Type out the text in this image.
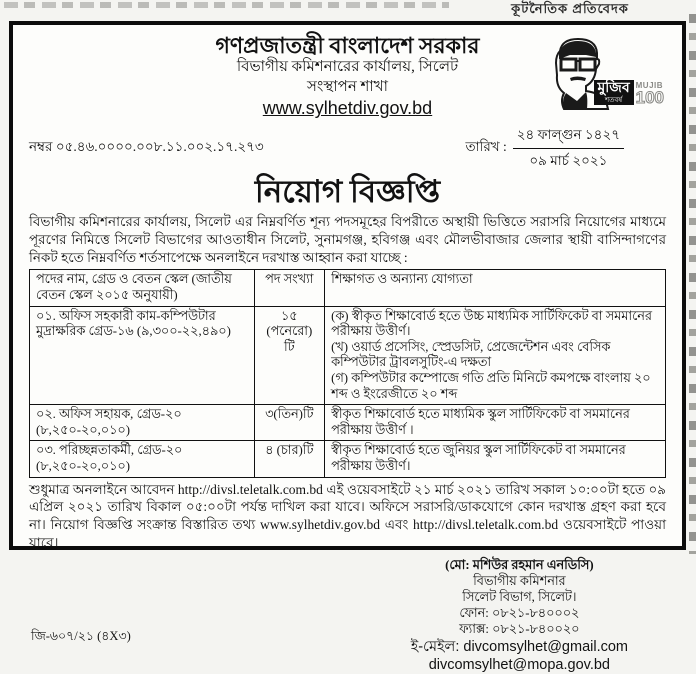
কূটনৈতিক প্রতিবেদক
গণপ্রজাতন্ত্রী বাংলাদেশ সরকার
বিভাগীয় কমিশনারের কার্যালয়, সিলেট
সংস্থাপন শাখা
www.sylhetdiv.gov.bd
মুজিব
শতবর্ষ
MUJIB
100
নম্বর ০৫.৪৬.০০০০.০০৮.১১.০০২.১৭.২৭৩	তারিখ :
২৪ ফাল্গুন ১৪২৭
০৯ মার্চ ২০২১
নিয়োগ বিজ্ঞপ্তি
বিভাগীয় কমিশনারের কার্যালয়, সিলেট এর নিম্নবর্ণিত শূন্য পদসমূহের বিপরীতে অস্থায়ী ভিত্তিতে সরাসরি নিয়োগের মাধ্যমে পূরণের নিমিত্তে সিলেট বিভাগের আওতাধীন সিলেট, সুনামগঞ্জ, হবিগঞ্জ এবং মৌলভীবাজার জেলার স্থায়ী বাসিন্দাগণের নিকট হতে নিম্নবর্ণিত শর্তসাপেক্ষে অনলাইনে দরখাস্ত আহ্বান করা যাচ্ছে :
পদের নাম, গ্রেড ও বেতন স্কেল (জাতীয় বেতন স্কেল ২০১৫ অনুযায়ী)	পদ সংখ্যা	শিক্ষাগত ও অন্যান্য যোগ্যতা
০১. অফিস সহকারী কাম-কম্পিউটার মুদ্রাক্ষরিক গ্রেড-১৬ (৯,৩০০-২২,৪৯০)	১৫ (পনেরো) টি	(ক) স্বীকৃত শিক্ষাবোর্ড হতে উচ্চ মাধ্যমিক সার্টিফিকেট বা সমমানের পরীক্ষায় উত্তীর্ণ।
(খ) ওয়ার্ড প্রসেসিং, স্প্রেডসিট, প্রেজেন্টেশন এবং বেসিক কম্পিউটার ট্রাবলসুটিং-এ দক্ষতা
(গ) কম্পিউটার কম্পোজে গতি প্রতি মিনিটে কমপক্ষে বাংলায় ২০ শব্দ ও ইংরেজীতে ২০ শব্দ

০২. অফিস সহায়ক, গ্রেড-২০ (৮,২৫০-২০,০১০)	৩(তিন)টি	স্বীকৃত শিক্ষাবোর্ড হতে মাধ্যমিক স্কুল সার্টিফিকেট বা সমমানের পরীক্ষায় উত্তীর্ণ ।

০৩. পরিচ্ছন্নতাকর্মী, গ্রেড-২০ (৮,২৫০-২০,০১০)	৪ (চার)টি	স্বীকৃত শিক্ষাবোর্ড হতে জুনিয়র স্কুল সার্টিফিকেট বা সমমানের পরীক্ষায় উত্তীর্ণ।
শুধুমাত্র অনলাইনে আবেদন http://divsl.teletalk.com.bd এই ওয়েবসাইটে ২১ মার্চ ২০২১ তারিখ সকাল ১০:০০টা হতে ০৯ এপ্রিল ২০২১ তারিখ বিকাল ০৫:০০টা পর্যন্ত দাখিল করা যাবে। অফিসে সরাসরি/ডাকযোগে কোন দরখাস্ত গ্রহণ করা হবে না। নিয়োগ বিজ্ঞপ্তি সংক্রান্ত বিস্তারিত তথ্য www.sylhetdiv.gov.bd এবং http://divsl.teletalk.com.bd ওয়েবসাইটে পাওয়া যাবে।
(মো: মশিউর রহমান এনডিসি)
বিভাগীয় কমিশনার
সিলেট বিভাগ, সিলেট।
ফোন: ০৮২১-৮৪০০০২
ফ্যাক্স: ০৮২১-৮৪০০২০
ই-মেইল: divcomsylhet@gmail.com
divcomsylhet@mopa.gov.bd
জি-৬০৭/২১ (৪X৩)
